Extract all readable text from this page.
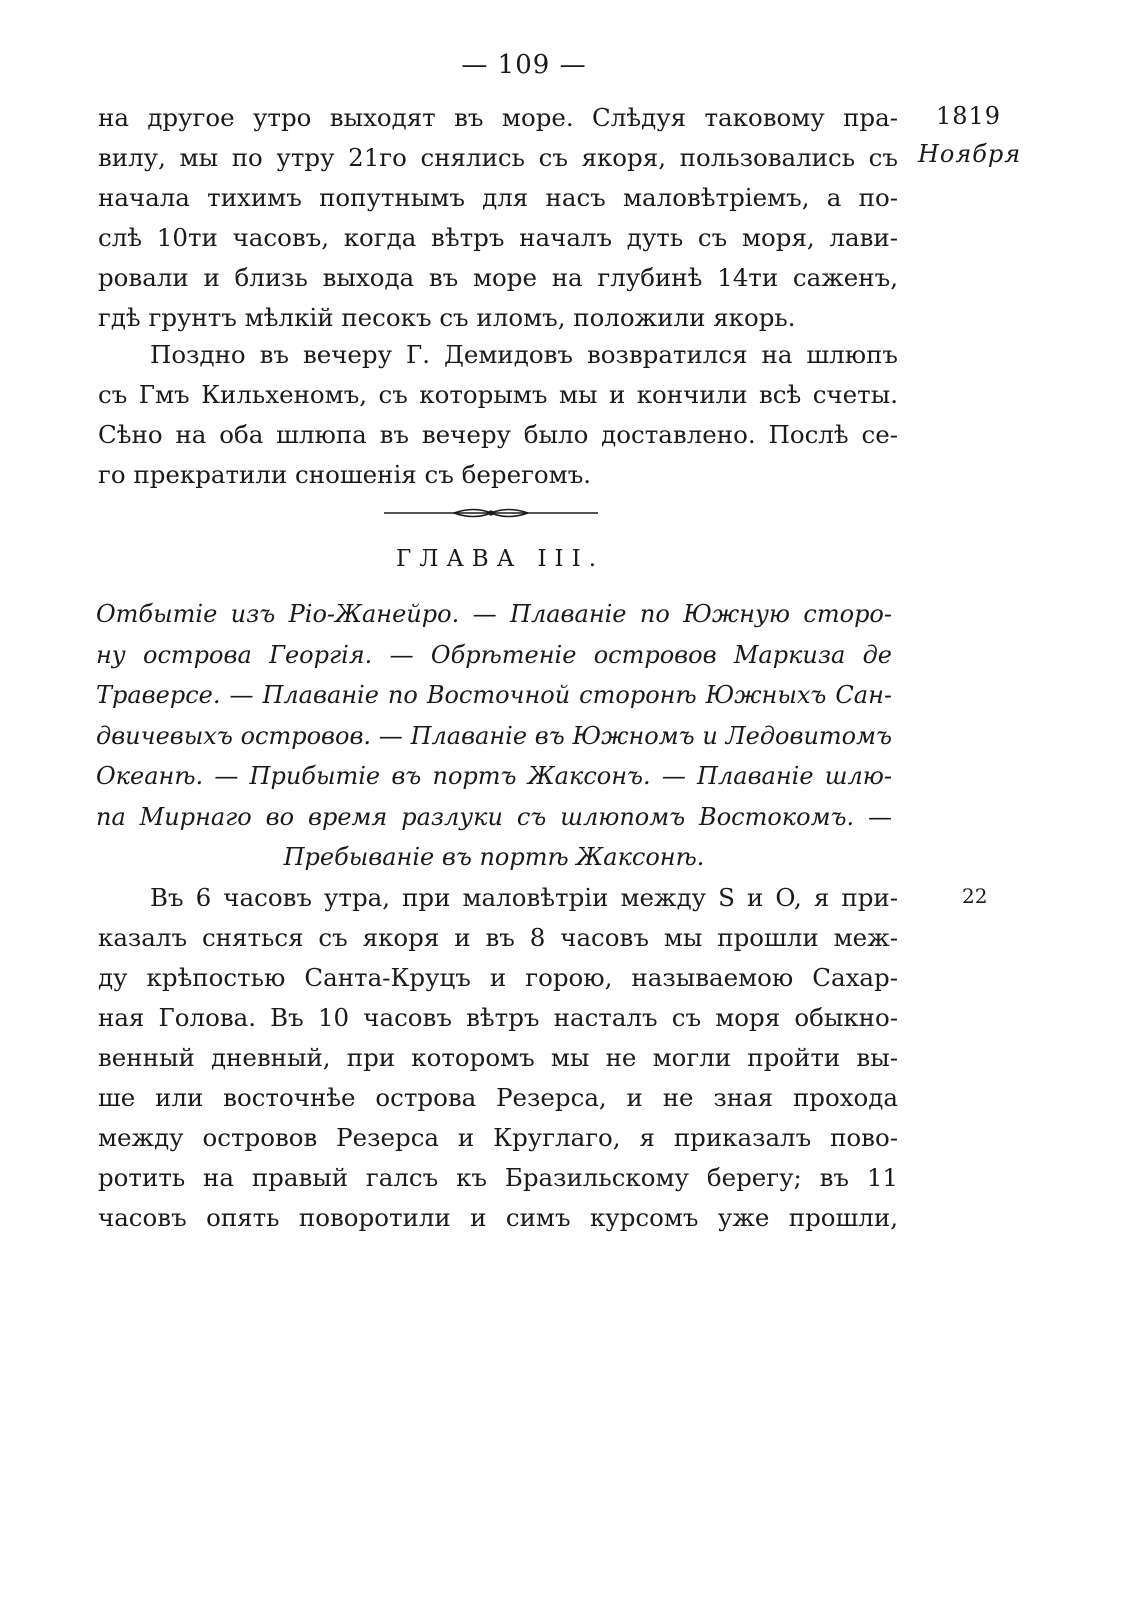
— 109 —
1819
Ноября
22
на другое утро выходят въ море. Слѣдуя таковому пра-
вилу, мы по утру 21го снялись съ якоря, пользовались съ
начала тихимъ попутнымъ для насъ маловѣтріемъ, а по-
слѣ 10ти часовъ, когда вѣтръ началъ дуть съ моря, лави-
ровали и близь выхода въ море на глубинѣ 14ти саженъ,
гдѣ грунтъ мѣлкій песокъ съ иломъ, положили якорь.
Поздно въ вечеру Г. Демидовъ возвратился на шлюпъ
съ Гмъ Кильхеномъ, съ которымъ мы и кончили всѣ счеты.
Сѣно на оба шлюпа въ вечеру было доставлено. Послѣ се-
го прекратили сношенія съ берегомъ.
ГЛАВА III.
Отбытіе изъ Ріо-Жанейро. — Плаваніе по Южную сторо-
ну острова Георгія. — Обрѣтеніе островов Маркиза де
Траверсе. — Плаваніе по Восточной сторонѣ Южныхъ Сан-
двичевыхъ островов. — Плаваніе въ Южномъ и Ледовитомъ
Океанѣ. — Прибытіе въ портъ Жаксонъ. — Плаваніе шлю-
па Мирнаго во время разлуки съ шлюпомъ Востокомъ. —
Пребываніе въ портѣ Жаксонѣ.
Въ 6 часовъ утра, при маловѣтріи между S и O, я при-
казалъ сняться съ якоря и въ 8 часовъ мы прошли меж-
ду крѣпостью Санта-Круцъ и горою, называемою Сахар-
ная Голова. Въ 10 часовъ вѣтръ насталъ съ моря обыкно-
венный дневный, при которомъ мы не могли пройти вы-
ше или восточнѣе острова Резерса, и не зная прохода
между островов Резерса и Круглаго, я приказалъ пово-
ротить на правый галсъ къ Бразильскому берегу; въ 11
часовъ опять поворотили и симъ курсомъ уже прошли,
